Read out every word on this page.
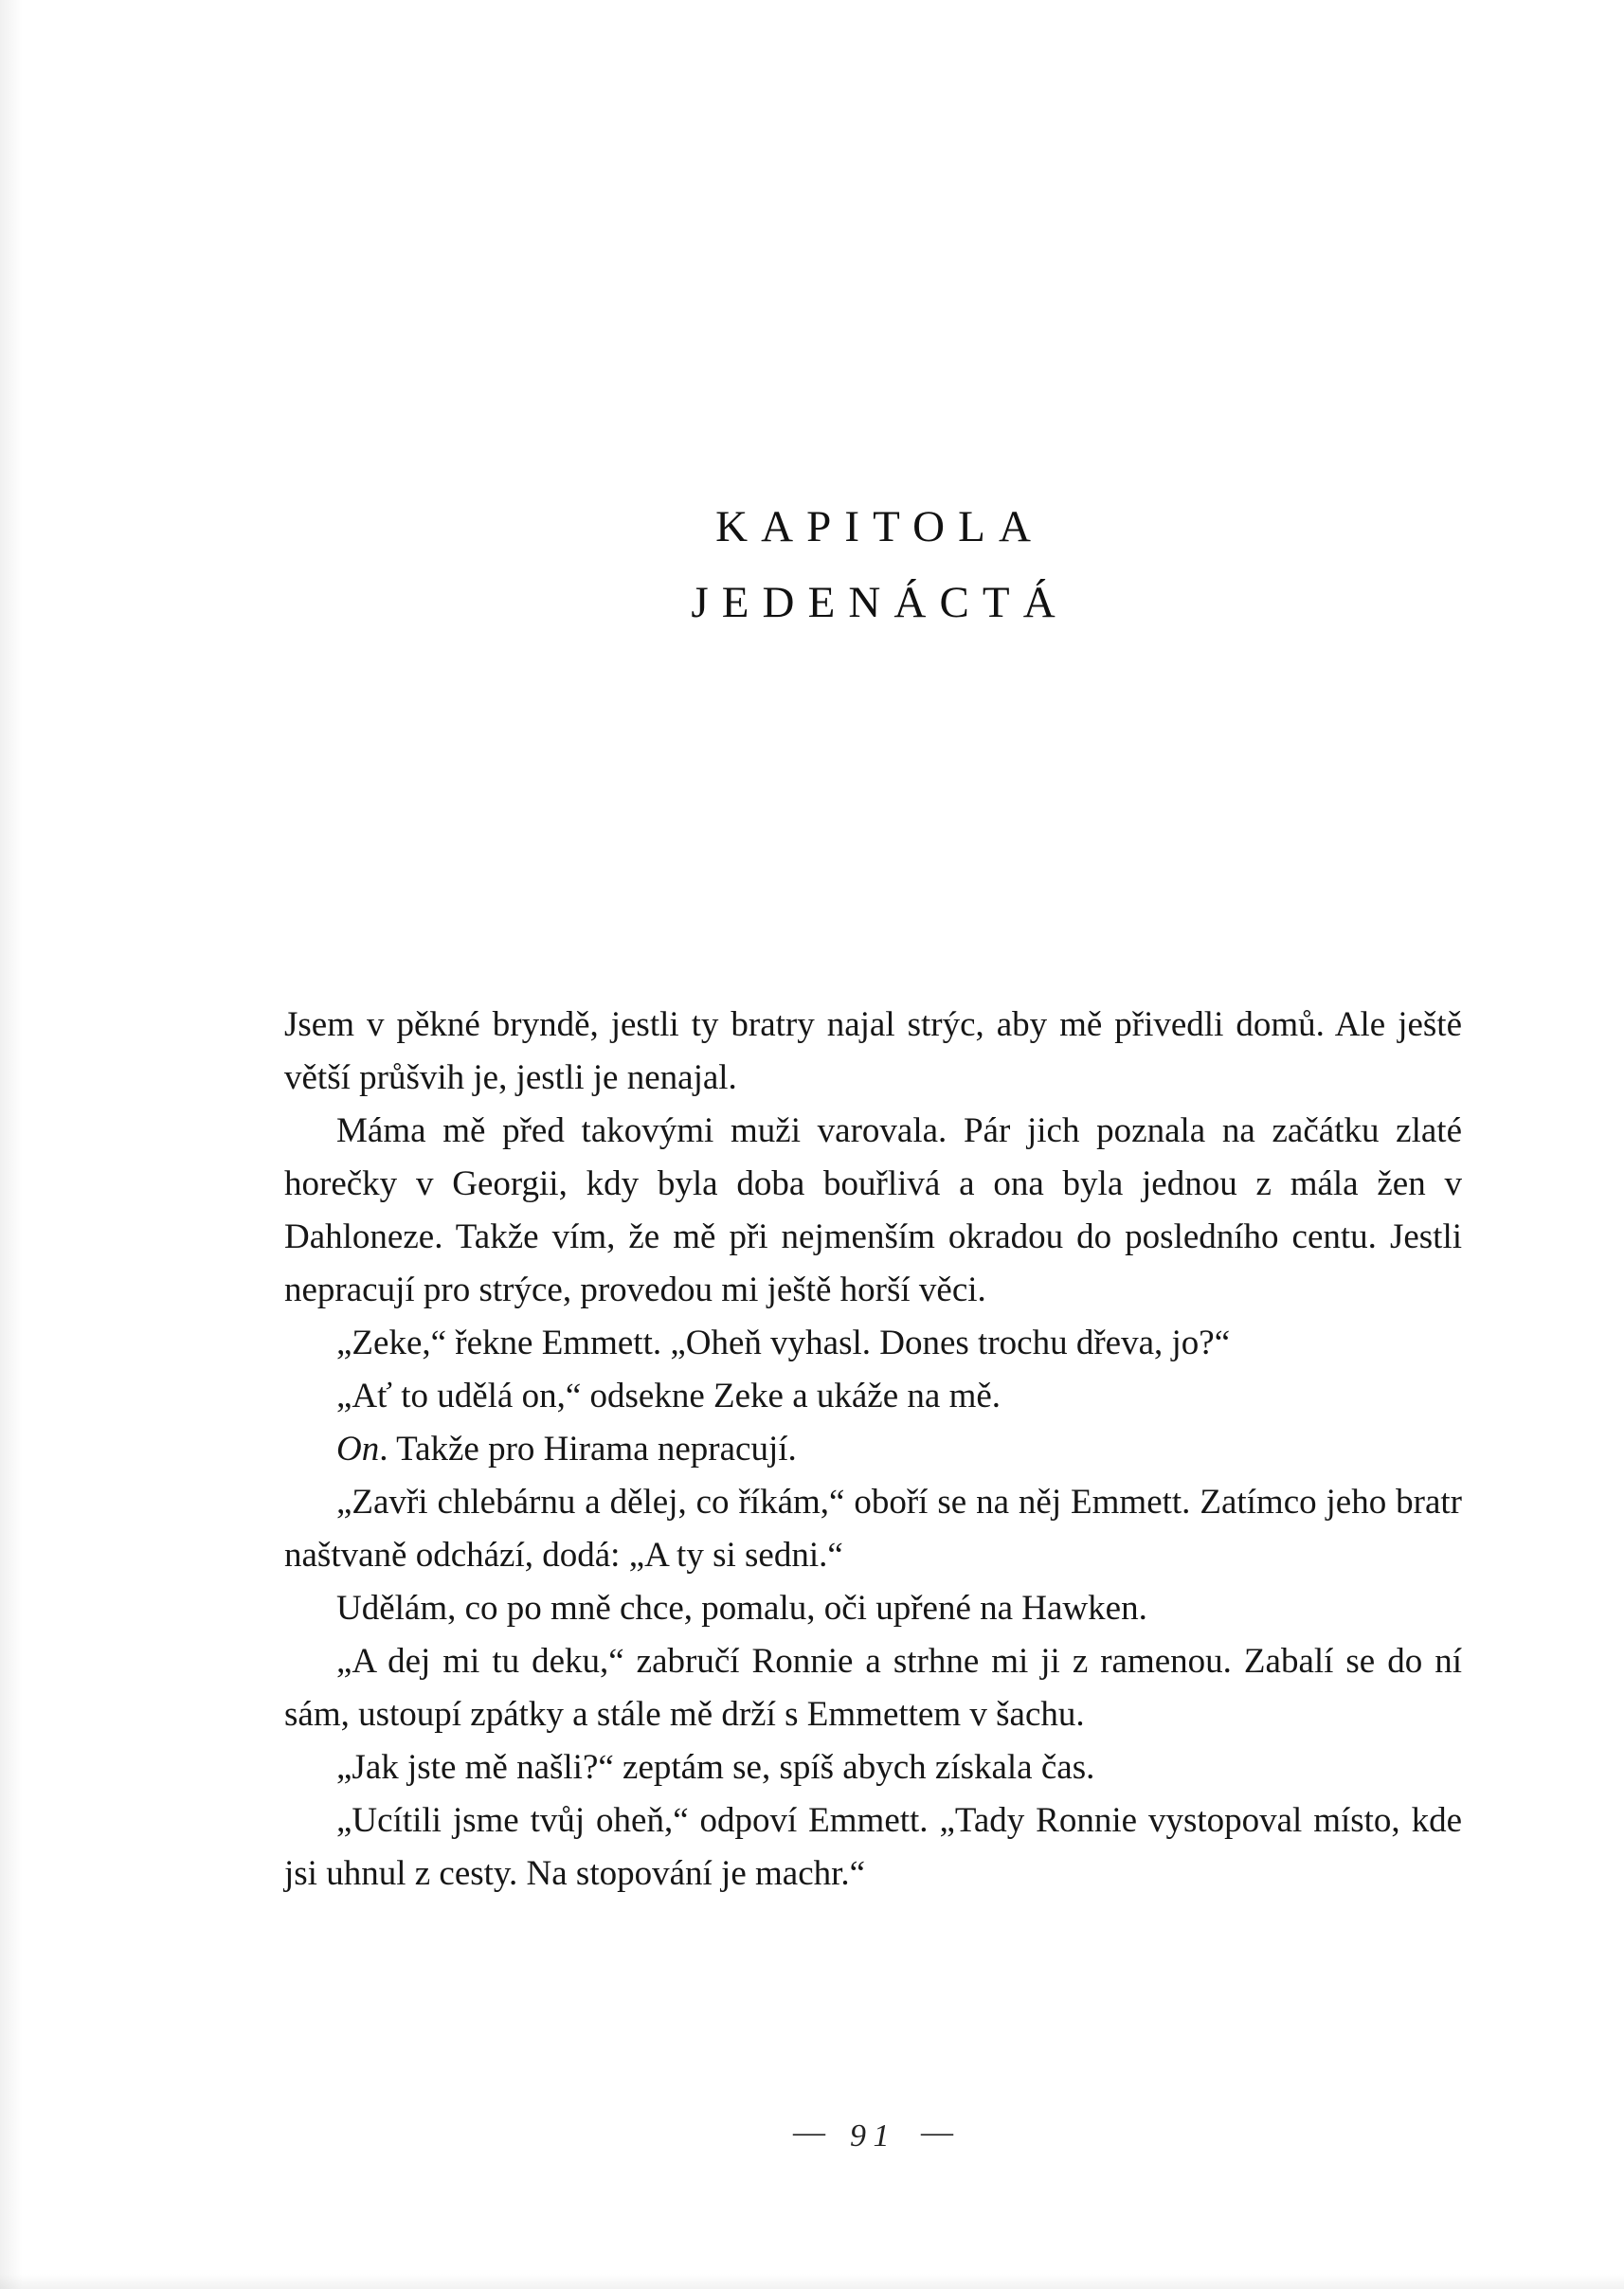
KAPITOLA
JEDENÁCTÁ

Jsem v pěkné bryndě, jestli ty bratry najal strýc, aby mě přivedli domů. Ale ještě větší průšvih je, jestli je nenajal.

Máma mě před takovými muži varovala. Pár jich poznala na začátku zlaté horečky v Georgii, kdy byla doba bouřlivá a ona byla jednou z mála žen v Dahloneze. Takže vím, že mě při nejmenším okradou do posledního centu. Jestli nepracují pro strýce, provedou mi ještě horší věci.

„Zeke,“ řekne Emmett. „Oheň vyhasl. Dones trochu dřeva, jo?“

„Ať to udělá on,“ odsekne Zeke a ukáže na mě.

On. Takže pro Hirama nepracují.

„Zavři chlebárnu a dělej, co říkám,“ oboří se na něj Emmett. Zatímco jeho bratr naštvaně odchází, dodá: „A ty si sedni.“

Udělám, co po mně chce, pomalu, oči upřené na Hawken.

„A dej mi tu deku,“ zabručí Ronnie a strhne mi ji z ramenou. Zabalí se do ní sám, ustoupí zpátky a stále mě drží s Emmettem v šachu.

„Jak jste mě našli?“ zeptám se, spíš abych získala čas.

„Ucítili jsme tvůj oheň,“ odpoví Emmett. „Tady Ronnie vystopoval místo, kde jsi uhnul z cesty. Na stopování je machr.“

— 91 —
